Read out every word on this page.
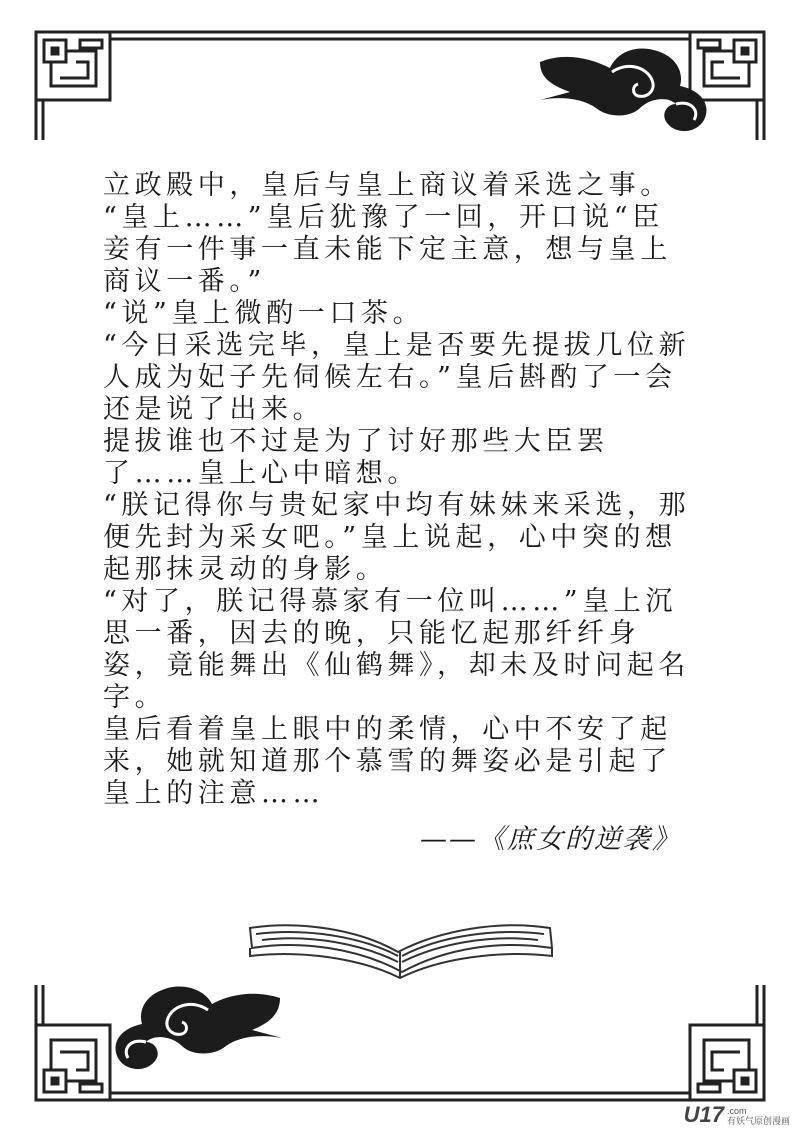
立政殿中，皇后与皇上商议着采选之事。

“皇上……”皇后犹豫了一回，开口说“臣妾有一件事一直未能下定主意，想与皇上商议一番。”

“说”皇上微酌一口茶。

“今日采选完毕，皇上是否要先提拔几位新人成为妃子先伺候左右。”皇后斟酌了一会还是说了出来。

提拔谁也不过是为了讨好那些大臣罢了……皇上心中暗想。

“朕记得你与贵妃家中均有妹妹来采选，那便先封为采女吧。”皇上说起，心中突的想起那抹灵动的身影。

“对了，朕记得慕家有一位叫……”皇上沉思一番，因去的晚，只能忆起那纤纤身姿，竟能舞出《仙鹤舞》，却未及时问起名字。

皇后看着皇上眼中的柔情，心中不安了起来，她就知道那个慕雪的舞姿必是引起了皇上的注意……

——《庶女的逆袭》
U17 .com
有妖气原创漫画
